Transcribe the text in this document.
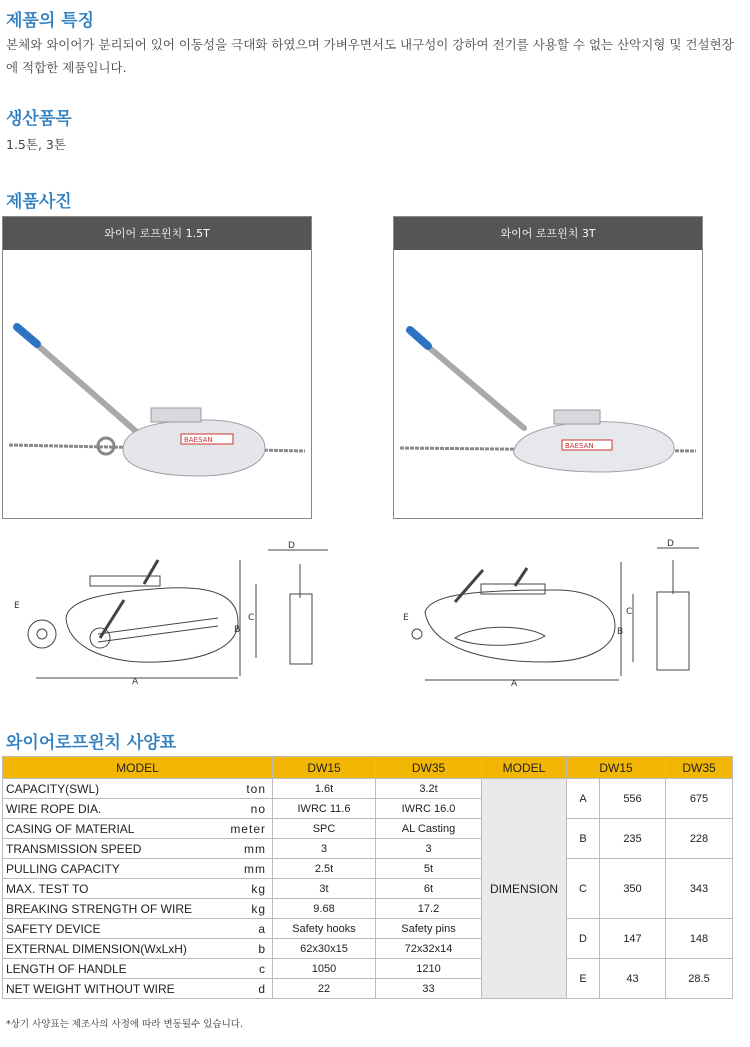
제품의 특징
본체와 와이어가 분리되어 있어 이동성을 극대화 하였으며 가벼우면서도 내구성이 강하여 전기를 사용할 수 없는 산악지형 및 건설현장에 적합한 제품입니다.
생산품목
1.5톤, 3톤
제품사진
와이어 로프윈치 1.5T
BAESAN
와이어 로프윈치 3T
BAESAN
A
B
C
D
E
A
B
C
D
E
와이어로프윈치 사양표
MODEL	DW15	DW35	MODEL	DW15		DW35
CAPACITY(SWL) ton	1.6t	3.2t	DIMENSION	A	556	675
WIRE ROPE DIA. no	IWRC 11.6	IWRC 16.0				
CASING OF MATERIAL meter	SPC	AL Casting		B	235	228
TRANSMISSION SPEED mm	3	3				
PULLING CAPACITY mm	2.5t	5t		C	350	343
MAX. TEST TO kg	3t	6t				
BREAKING STRENGTH OF WIRE kg	9.68	17.2				
SAFETY DEVICE a	Safety hooks	Safety pins		D	147	148
EXTERNAL DIMENSION(WxLxH) b	62x30x15	72x32x14				
LENGTH OF HANDLE c	1050	1210		E	43	28.5
NET WEIGHT WITHOUT WIRE d	22	33				
*상기 사양표는 제조사의 사정에 따라 변동될수 있습니다.
